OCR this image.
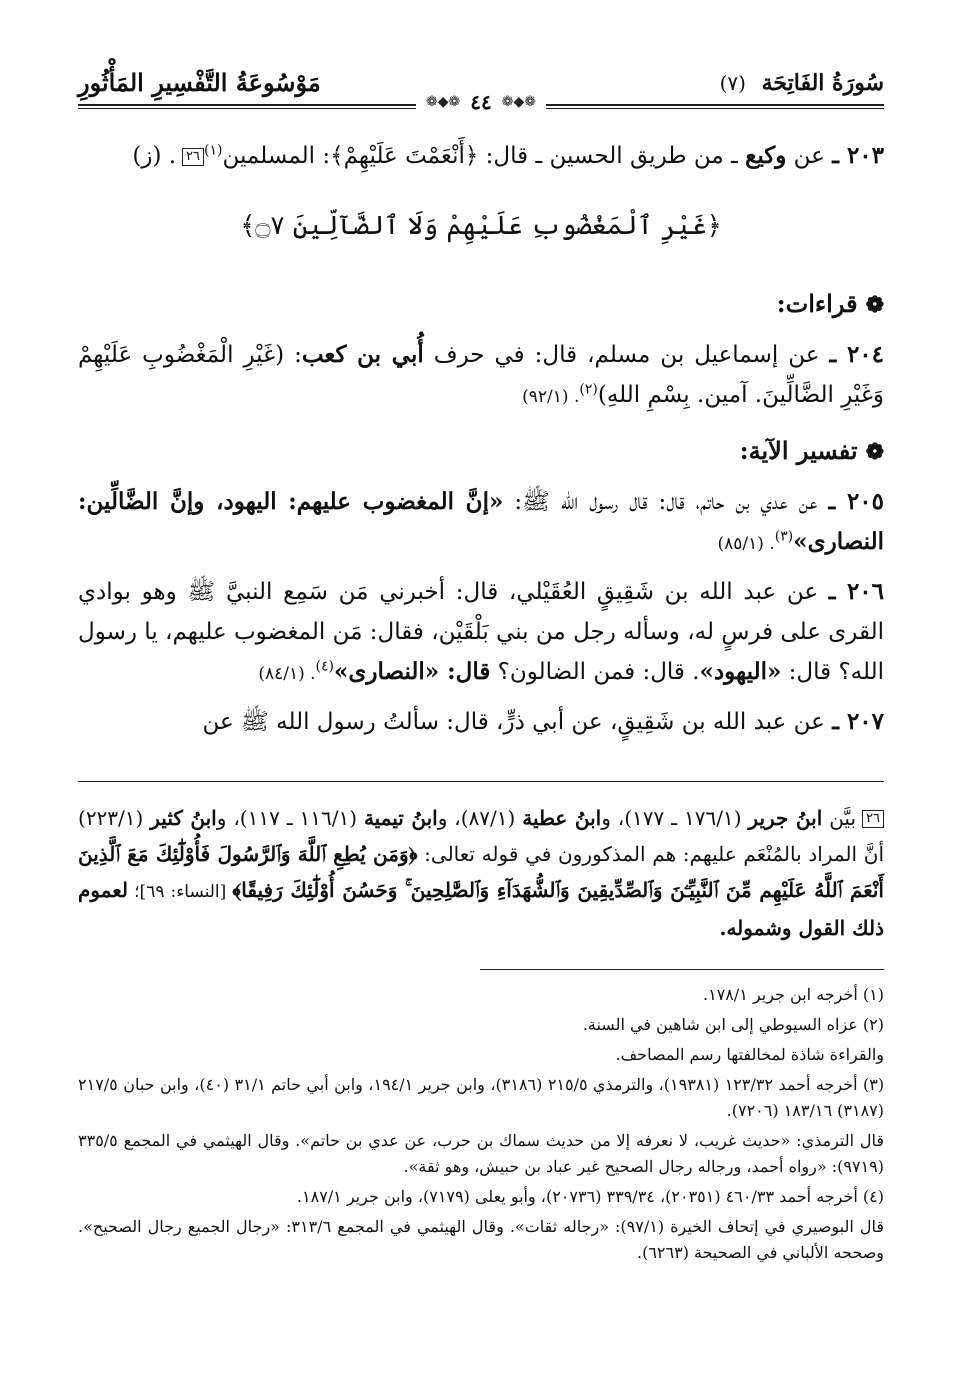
سُورَةُ الفَاتِحَة (٧)
مَوْسُوعَةُ التَّفْسِيرِ المَأْثُورِ
❁◆❁ ٤٤ ❁◆❁

٢٠٣ ـ عن وكيع ـ من طريق الحسين ـ قال: ﴿أَنْعَمْتَ عَلَيْهِمْ﴾: المسلمين$^{(١)}$٢٦. (ز)

﴿غَيْرِ ٱلْمَغْضُوبِ عَلَيْهِمْ وَلَا ٱلضَّآلِّينَ ۝٧﴾

❁قراءات:

٢٠٤ ـ عن إسماعيل بن مسلم، قال: في حرف أُبي بن كعب: (غَيْرِ الْمَغْضُوبِ عَلَيْهِمْ وَغَيْرِ الضَّالِّينَ. آمين. بِسْمِ اللهِ)$^{(٢)}$. (٩٢/١)

❁تفسير الآية:

٢٠٥ ـ عن عدي بن حاتم، قال: قال رسول الله ﷺ: «إنَّ المغضوب عليهم: اليهود، وإنَّ الضَّالِّين: النصارى»$^{(٣)}$. (٨٥/١)

٢٠٦ ـ عن عبد الله بن شَقِيقٍ العُقَيْلي، قال: أخبرني مَن سَمِع النبيَّ ﷺ وهو بوادي القرى على فرسٍ له، وسأله رجل من بني بَلْقَيْن، فقال: مَن المغضوب عليهم، يا رسول الله؟ قال: «اليهود». قال: فمن الضالون؟ قال: «النصارى»$^{(٤)}$. (٨٤/١)

٢٠٧ ـ عن عبد الله بن شَقِيقٍ، عن أبي ذرٍّ، قال: سألتُ رسول الله ﷺ عن

٢٦بيَّن ابنُ جرير (١٧٦/١ ـ ١٧٧)، وابنُ عطية (٨٧/١)، وابنُ تيمية (١١٦/١ ـ ١١٧)، وابنُ كثير (٢٢٣/١) أنَّ المراد بالمُنْعَم عليهم: هم المذكورون في قوله تعالى: ﴿وَمَن يُطِعِ ٱللَّهَ وَٱلرَّسُولَ فَأُوْلَٰٓئِكَ مَعَ ٱلَّذِينَ أَنْعَمَ ٱللَّهُ عَلَيْهِم مِّنَ ٱلنَّبِيِّـۧنَ وَٱلصِّدِّيقِينَ وَٱلشُّهَدَآءِ وَٱلصَّٰلِحِينَ ۚ وَحَسُنَ أُوْلَٰٓئِكَ رَفِيقًا﴾ [النساء: ٦٩]؛ لعموم ذلك القول وشموله.

(١) أخرجه ابن جرير ١٧٨/١.

(٢) عزاه السيوطي إلى ابن شاهين في السنة.

والقراءة شاذة لمخالفتها رسم المصاحف.

(٣) أخرجه أحمد ١٢٣/٣٢ (١٩٣٨١)، والترمذي ٢١٥/٥ (٣١٨٦)، وابن جرير ١٩٤/١، وابن أبي حاتم ٣١/١ (٤٠)، وابن حبان ٢١٧/٥ (٣١٨٧) ١٨٣/١٦ (٧٢٠٦).

قال الترمذي: «حديث غريب، لا نعرفه إلا من حديث سماك بن حرب، عن عدي بن حاتم». وقال الهيثمي في المجمع ٣٣٥/٥ (٩٧١٩): «رواه أحمد، ورجاله رجال الصحيح غير عباد بن حبيش، وهو ثقة».

(٤) أخرجه أحمد ٤٦٠/٣٣ (٢٠٣٥١)، ٣٣٩/٣٤ (٢٠٧٣٦)، وأبو يعلى (٧١٧٩)، وابن جرير ١٨٧/١.

قال البوصيري في إتحاف الخيرة (٩٧/١): «رجاله ثقات». وقال الهيثمي في المجمع ٣١٣/٦: «رجال الجميع رجال الصحيح». وصححه الألباني في الصحيحة (٦٢٦٣).
